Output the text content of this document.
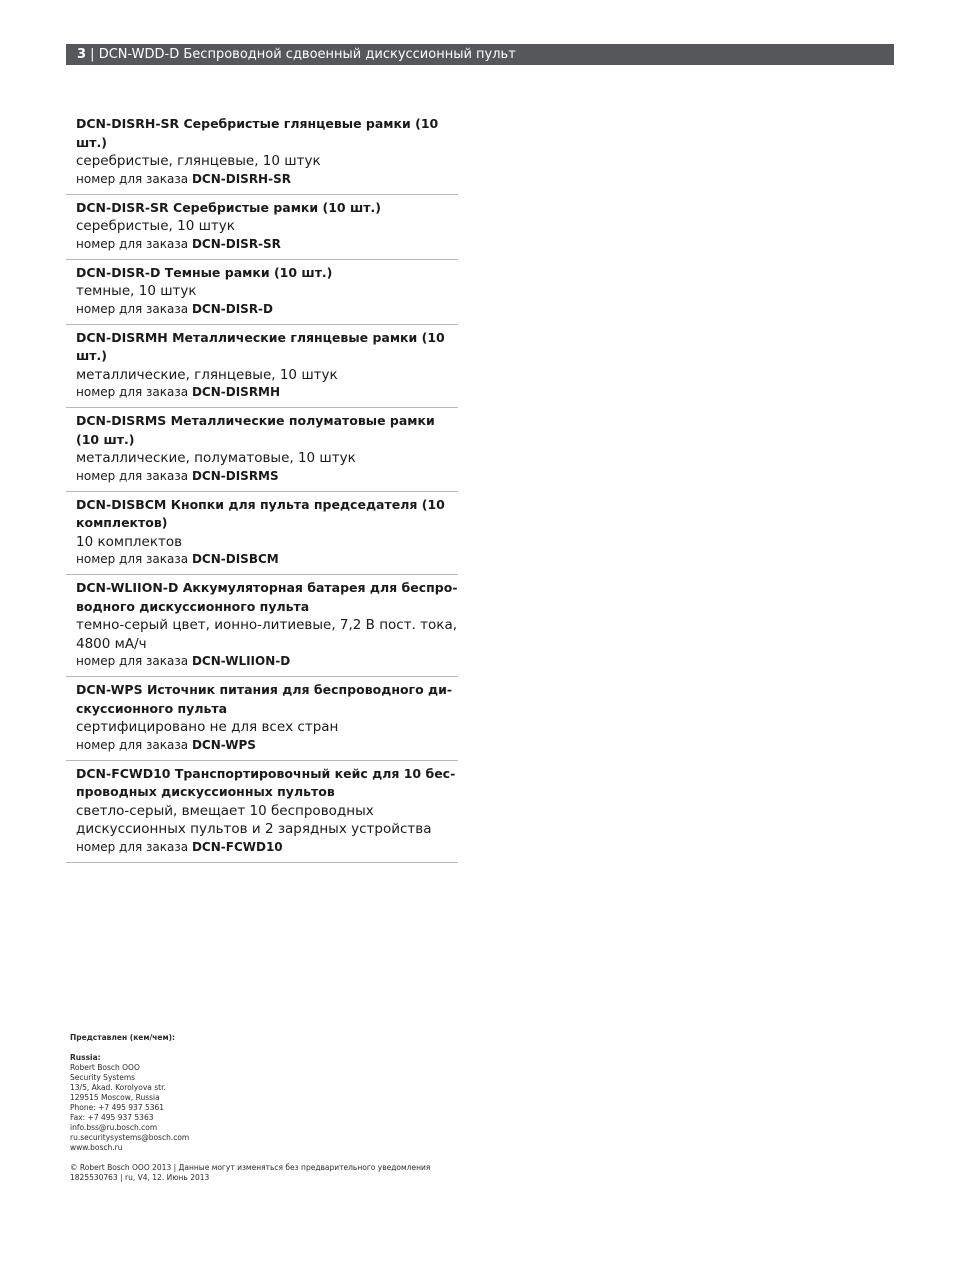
3 | DCN-WDD-D Беспроводной сдвоенный дискуссионный пульт
DCN-DISRH-SR Серебристые глянцевые рамки (10 шт.)
серебристые, глянцевые, 10 штук
номер для заказа DCN-DISRH-SR
DCN-DISR-SR Серебристые рамки (10 шт.)
серебристые, 10 штук
номер для заказа DCN-DISR-SR
DCN-DISR-D Темные рамки (10 шт.)
темные, 10 штук
номер для заказа DCN-DISR-D
DCN-DISRMH Металлические глянцевые рамки (10 шт.)
металлические, глянцевые, 10 штук
номер для заказа DCN-DISRMH
DCN-DISRMS Металлические полуматовые рамки (10 шт.)
металлические, полуматовые, 10 штук
номер для заказа DCN-DISRMS
DCN-DISBCM Кнопки для пульта председателя (10 комплектов)
10 комплектов
номер для заказа DCN-DISBCM
DCN-WLIION-D Аккумуляторная батарея для беспроводного дискуссионного пульта
темно-серый цвет, ионно-литиевые, 7,2 В пост. тока, 4800 мА/ч
номер для заказа DCN-WLIION-D
DCN-WPS Источник питания для беспроводного дискуссионного пульта
сертифицировано не для всех стран
номер для заказа DCN-WPS
DCN-FCWD10 Транспортировочный кейс для 10 беспроводных дискуссионных пультов
светло-серый, вмещает 10 беспроводных дискуссионных пультов и 2 зарядных устройства
номер для заказа DCN-FCWD10
Представлен (кем/чем):
Russia:
Robert Bosch OOO
Security Systems
13/5, Akad. Korolyova str.
129515 Moscow, Russia
Phone: +7 495 937 5361
Fax: +7 495 937 5363
info.bss@ru.bosch.com
ru.securitysystems@bosch.com
www.bosch.ru
© Robert Bosch OOO 2013 | Данные могут изменяться без предварительного уведомления
1825530763 | ru, V4, 12. Июнь 2013
